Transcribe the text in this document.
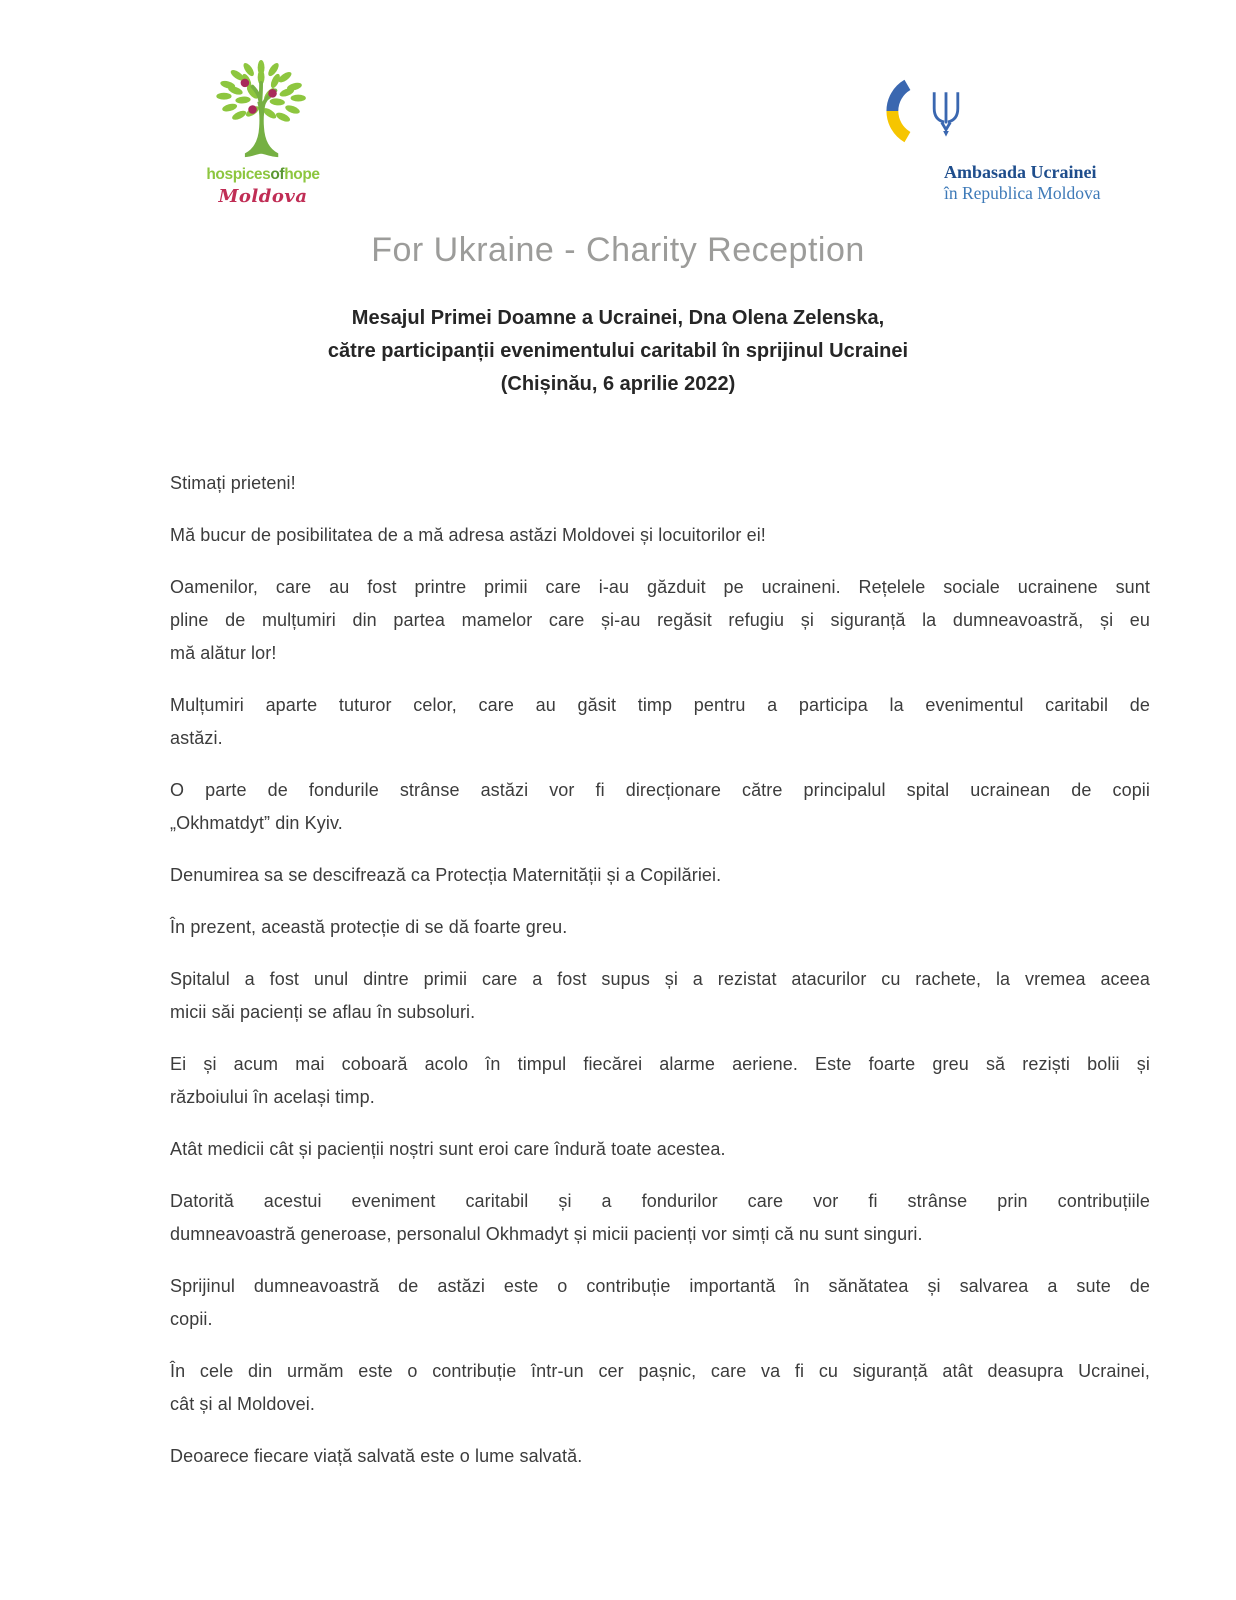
hospicesofhope
Moldova
Ambasada Ucrainei
în Republica Moldova
For Ukraine - Charity Reception
Mesajul Primei Doamne a Ucrainei, Dna Olena Zelenska,
către participanții evenimentului caritabil în sprijinul Ucrainei
(Chișinău, 6 aprilie 2022)
Stimați prieteni!
Mă bucur de posibilitatea de a mă adresa astăzi Moldovei și locuitorilor ei!
Oamenilor, care au fost printre primii care i-au găzduit pe ucraineni. Rețelele sociale ucrainene sunt
pline de mulțumiri din partea mamelor care și-au regăsit refugiu și siguranță la dumneavoastră, și eu
mă alătur lor!
Mulțumiri aparte tuturor celor, care au găsit timp pentru a participa la evenimentul caritabil de
astăzi.
O parte de fondurile strânse astăzi vor fi direcționare către principalul spital ucrainean de copii
„Okhmatdyt” din Kyiv.
Denumirea sa se descifrează ca Protecția Maternității și a Copilăriei.
În prezent, această protecție di se dă foarte greu.
Spitalul a fost unul dintre primii care a fost supus și a rezistat atacurilor cu rachete, la vremea aceea
micii săi pacienți se aflau în subsoluri.
Ei și acum mai coboară acolo în timpul fiecărei alarme aeriene. Este foarte greu să reziști bolii și
războiului în același timp.
Atât medicii cât și pacienții noștri sunt eroi care îndură toate acestea.
Datorită acestui eveniment caritabil și a fondurilor care vor fi strânse prin contribuțiile
dumneavoastră generoase, personalul Okhmadyt și micii pacienți vor simți că nu sunt singuri.
Sprijinul dumneavoastră de astăzi este o contribuție importantă în sănătatea și salvarea a sute de
copii.
În cele din urmăm este o contribuție într-un cer pașnic, care va fi cu siguranță atât deasupra Ucrainei,
cât și al Moldovei.
Deoarece fiecare viață salvată este o lume salvată.
